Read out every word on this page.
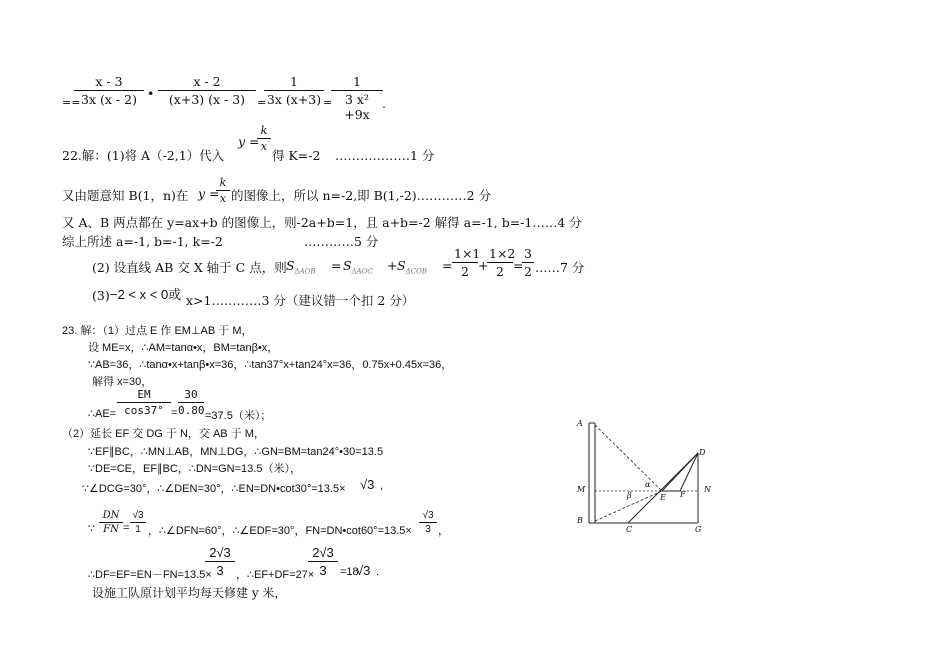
==
$\frac{x - 3}{3x (x - 2)}$ • $\frac{x - 2}{(x+3) (x - 3)}$ =
$\frac{1}{3x (x+3)}$ =
$\frac{1}{\text{3 x² +9x}}$ .
22.解：(1)将 A（-2,1）代入
y =
$\frac{k}{x}$
得 K=-2 ………………1 分
又由题意知 B(1，n)在 y =
$\frac{k}{x}$ 的图像上，所以 n=-2,即 B(1,-2)…………2 分
又 A、B 两点都在 y=ax+b 的图像上，则-2a+b=1，且 a+b=-2 解得 a=-1, b=-1……4 分
综上所述 a=-1, b=-1, k=-2	…………5 分
(2) 设直线 AB 交 X 轴于 C 点，则 $S_{\Delta AOB} = S_{\Delta AOC} + S_{\Delta COB} = \frac{1\times 1}{2}$ +
$\frac{1\times 2}{2}$ =
$\frac{3}{2}$ ……7 分
(3) −2 < x < 0或 x>1…………3 分（建议错一个扣 2 分）
23. 解：（1）过点 E 作 EM⊥AB 于 M，
设 ME=x，∴AM=tanα•x，BM=tanβ•x，
∵AB=36，∴tanα•x+tanβ•x=36，∴tan37°x+tan24°x=36，0.75x+0.45x=36，
解得 x=30，
∴AE= $\frac{EM}{\cos 37^\circ} = \frac{30}{0.80} =37.5$（米）；
（2）延长 EF 交 DG 于 N，交 AB 于 M，
∵EF∥BC，∴MN⊥AB，MN⊥DG，∴GN=BM=tan24°•30=13.5
∵DE=CE，EF∥BC，∴DN=GN=13.5（米），
∵∠DCG=30°，∴∠DEN=30°，∴EN=DN•cot30°=13.5× √3 ,
∵ $\frac{DN}{FN} = \frac{√3}{1}$ ，∴∠DFN=60°，∴∠EDF=30°，FN=DN•cot60°=13.5× $\frac{√3}{3}$ ，
∴DF=EF=EN－FN=13.5×
$\frac{2√3}{3}$ ，∴EF+DF=27×
$\frac{2√3}{3} =18$
√3 .
设施工队原计划平均每天修建 y 米，
A
B
M
C	G
D
N
E F
α
β
